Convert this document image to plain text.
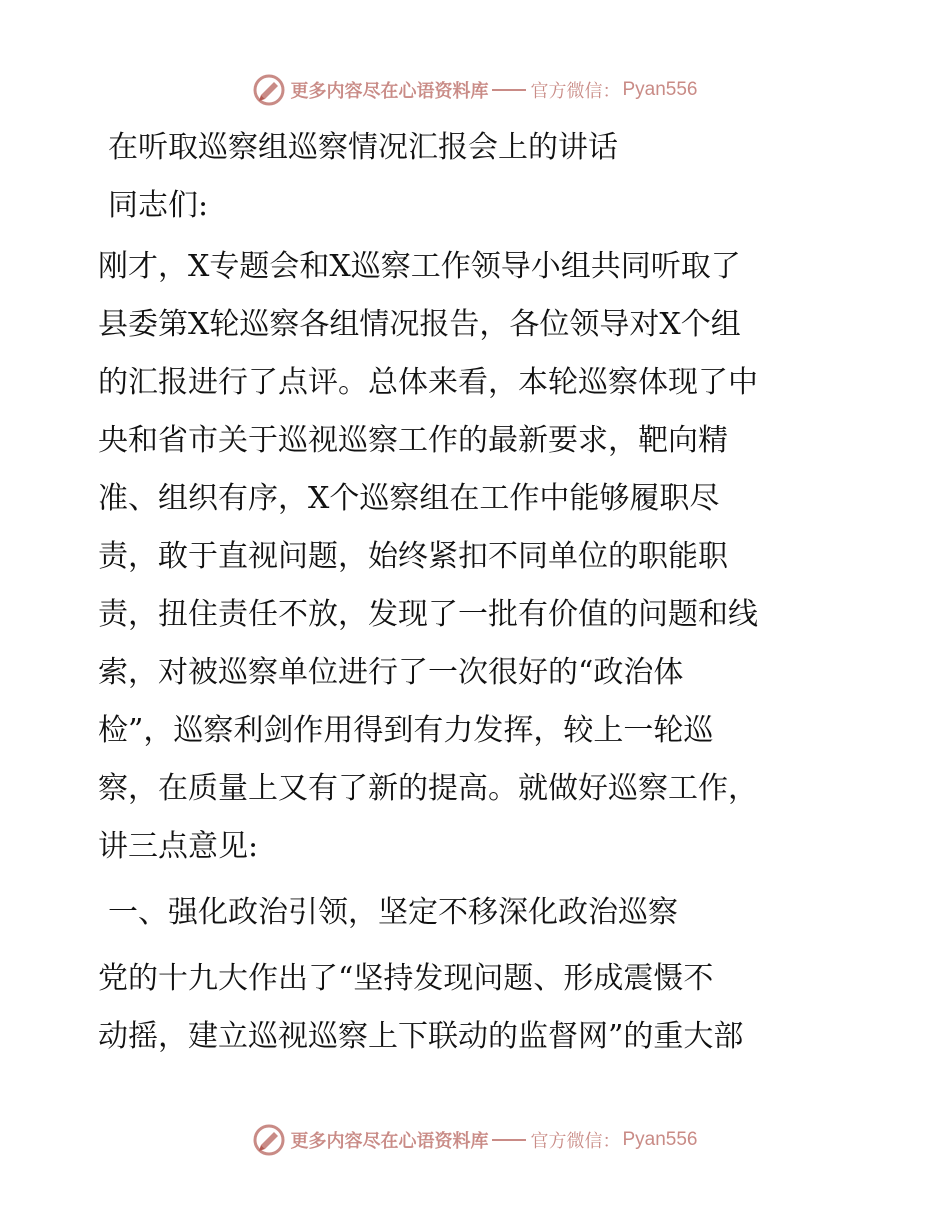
更多内容尽在心语资料库 官方微信： Pyan556
在听取巡察组巡察情况汇报会上的讲话
同志们:
刚才，X专题会和X巡察工作领导小组共同听取了
县委第X轮巡察各组情况报告，各位领导对X个组
的汇报进行了点评。总体来看，本轮巡察体现了中
央和省市关于巡视巡察工作的最新要求，靶向精
准、组织有序，X个巡察组在工作中能够履职尽
责，敢于直视问题，始终紧扣不同单位的职能职
责，扭住责任不放，发现了一批有价值的问题和线
索，对被巡察单位进行了一次很好的“政治体
检”，巡察利剑作用得到有力发挥，较上一轮巡
察，在质量上又有了新的提高。就做好巡察工作，
讲三点意见:
一、强化政治引领，坚定不移深化政治巡察
党的十九大作出了“坚持发现问题、形成震慑不
动摇，建立巡视巡察上下联动的监督网”的重大部
更多内容尽在心语资料库 官方微信： Pyan556
